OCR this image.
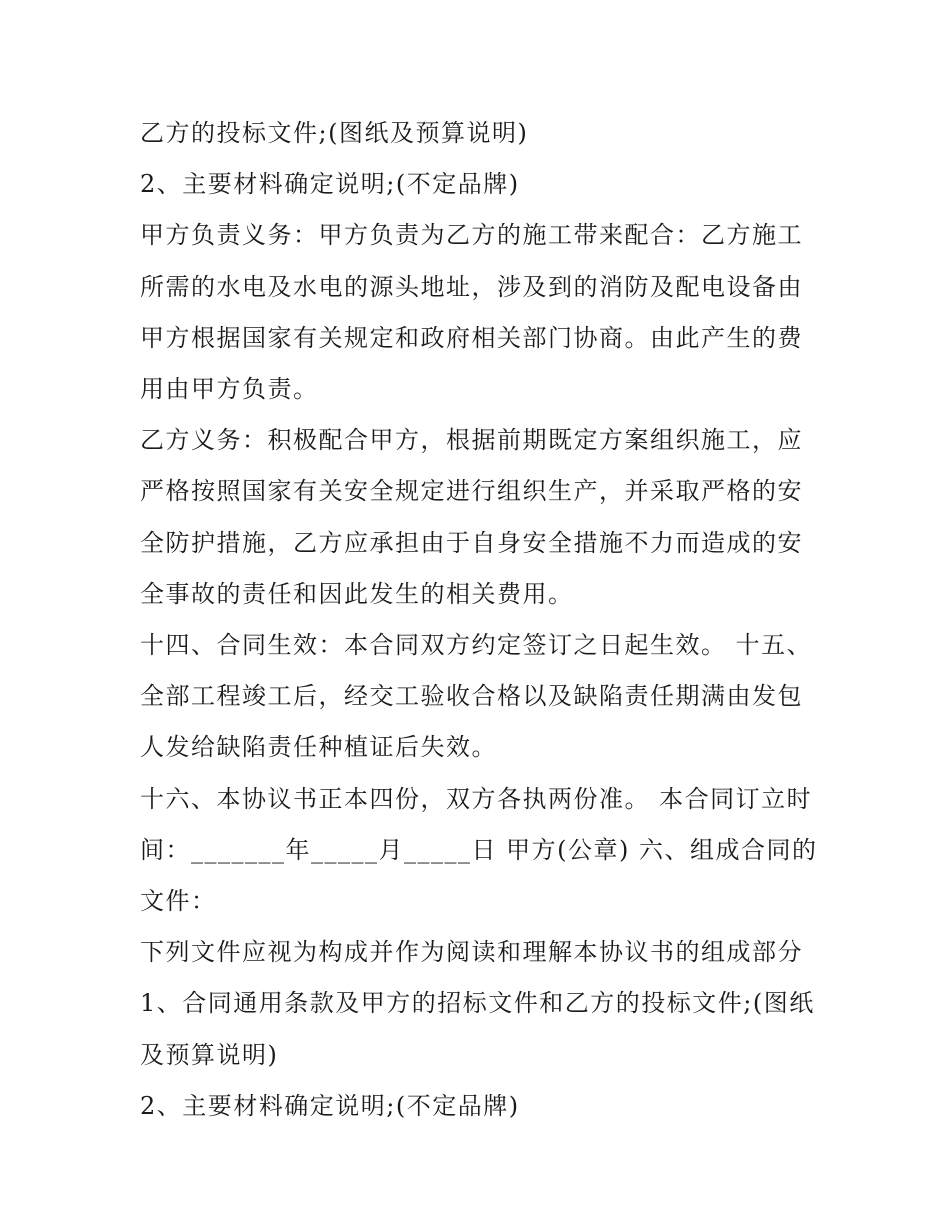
乙方的投标文件;(图纸及预算说明)

2、主要材料确定说明;(不定品牌)

甲方负责义务：甲方负责为乙方的施工带来配合：乙方施工所需的水电及水电的源头地址，涉及到的消防及配电设备由甲方根据国家有关规定和政府相关部门协商。由此产生的费用由甲方负责。

乙方义务：积极配合甲方，根据前期既定方案组织施工，应严格按照国家有关安全规定进行组织生产，并采取严格的安全防护措施，乙方应承担由于自身安全措施不力而造成的安全事故的责任和因此发生的相关费用。

十四、合同生效：本合同双方约定签订之日起生效。 十五、全部工程竣工后，经交工验收合格以及缺陷责任期满由发包人发给缺陷责任种植证后失效。

十六、本协议书正本四份，双方各执两份准。 本合同订立时间：_______年_____月_____日 甲方(公章) 六、组成合同的文件：

下列文件应视为构成并作为阅读和理解本协议书的组成部分

1、合同通用条款及甲方的招标文件和乙方的投标文件;(图纸及预算说明)

2、主要材料确定说明;(不定品牌)
